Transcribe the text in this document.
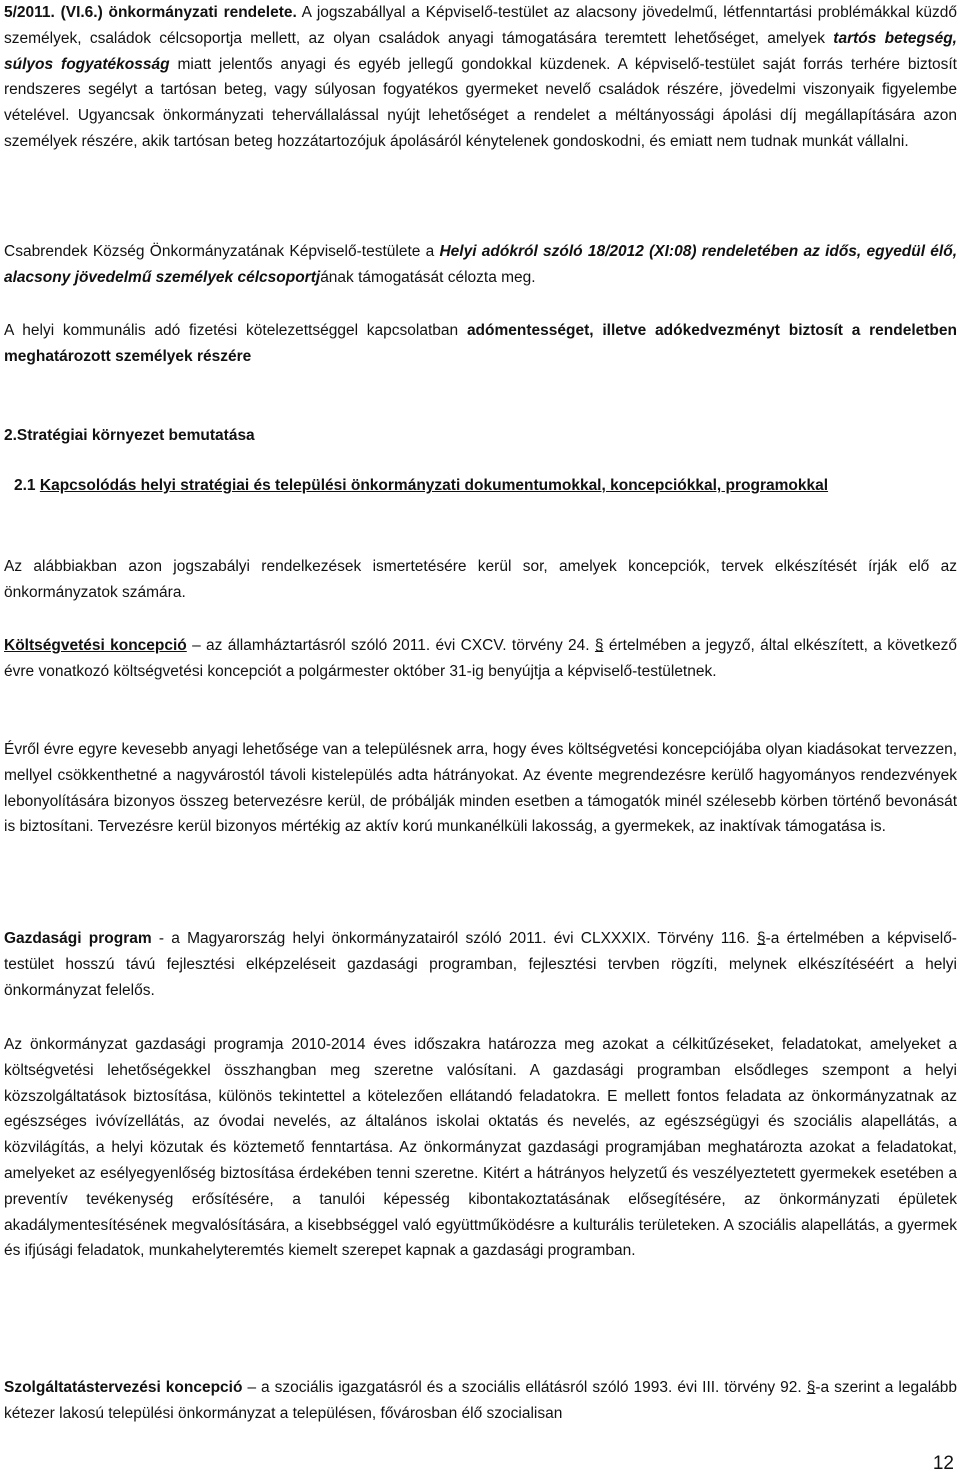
5/2011. (VI.6.) önkormányzati rendelete. A jogszabállyal a Képviselő-testület az alacsony jövedelmű, létfenntartási problémákkal küzdő személyek, családok célcsoportja mellett, az olyan családok anyagi támogatására teremtett lehetőséget, amelyek tartós betegség, súlyos fogyatékosság miatt jelentős anyagi és egyéb jellegű gondokkal küzdenek. A képviselő-testület saját forrás terhére biztosít rendszeres segélyt a tartósan beteg, vagy súlyosan fogyatékos gyermeket nevelő családok részére, jövedelmi viszonyaik figyelembe vételével. Ugyancsak önkormányzati tehervállalással nyújt lehetőséget a rendelet a méltányossági ápolási díj megállapítására azon személyek részére, akik tartósan beteg hozzátartozójuk ápolásáról kénytelenek gondoskodni, és emiatt nem tudnak munkát vállalni.

Csabrendek Község Önkormányzatának Képviselő-testülete a Helyi adókról szóló 18/2012 (XI:08) rendeletében az idős, egyedül élő, alacsony jövedelmű személyek célcsoportjának támogatását célozta meg.

A helyi kommunális adó fizetési kötelezettséggel kapcsolatban adómentességet, illetve adókedvezményt biztosít a rendeletben meghatározott személyek részére

2.Stratégiai környezet bemutatása

2.1 Kapcsolódás helyi stratégiai és települési önkormányzati dokumentumokkal, koncepciókkal, programokkal

Az alábbiakban azon jogszabályi rendelkezések ismertetésére kerül sor, amelyek koncepciók, tervek elkészítését írják elő az önkormányzatok számára.

Költségvetési koncepció – az államháztartásról szóló 2011. évi CXCV. törvény 24. § értelmében a jegyző, által elkészített, a következő évre vonatkozó költségvetési koncepciót a polgármester október 31-ig benyújtja a képviselő-testületnek.

Évről évre egyre kevesebb anyagi lehetősége van a településnek arra, hogy éves költségvetési koncepciójába olyan kiadásokat tervezzen, mellyel csökkenthetné a nagyvárostól távoli kistelepülés adta hátrányokat. Az évente megrendezésre kerülő hagyományos rendezvények lebonyolítására bizonyos összeg betervezésre kerül, de próbálják minden esetben a támogatók minél szélesebb körben történő bevonását is biztosítani. Tervezésre kerül bizonyos mértékig az aktív korú munkanélküli lakosság, a gyermekek, az inaktívak támogatása is.

Gazdasági program - a Magyarország helyi önkormányzatairól szóló 2011. évi CLXXXIX. Törvény 116. §-a értelmében a képviselő-testület hosszú távú fejlesztési elképzeléseit gazdasági programban, fejlesztési tervben rögzíti, melynek elkészítéséért a helyi önkormányzat felelős.

Az önkormányzat gazdasági programja 2010-2014 éves időszakra határozza meg azokat a célkitűzéseket, feladatokat, amelyeket a költségvetési lehetőségekkel összhangban meg szeretne valósítani. A gazdasági programban elsődleges szempont a helyi közszolgáltatások biztosítása, különös tekintettel a kötelezően ellátandó feladatokra. E mellett fontos feladata az önkormányzatnak az egészséges ivóvízellátás, az óvodai nevelés, az általános iskolai oktatás és nevelés, az egészségügyi és szociális alapellátás, a közvilágítás, a helyi közutak és köztemető fenntartása. Az önkormányzat gazdasági programjában meghatározta azokat a feladatokat, amelyeket az esélyegyenlőség biztosítása érdekében tenni szeretne. Kitért a hátrányos helyzetű és veszélyeztetett gyermekek esetében a preventív tevékenység erősítésére, a tanulói képesség kibontakoztatásának elősegítésére, az önkormányzati épületek akadálymentesítésének megvalósítására, a kisebbséggel való együttműködésre a kulturális területeken. A szociális alapellátás, a gyermek és ifjúsági feladatok, munkahelyteremtés kiemelt szerepet kapnak a gazdasági programban.

Szolgáltatástervezési koncepció – a szociális igazgatásról és a szociális ellátásról szóló 1993. évi III. törvény 92. §-a szerint a legalább kétezer lakosú települési önkormányzat a településen, fővárosban élő szocialisan

12
